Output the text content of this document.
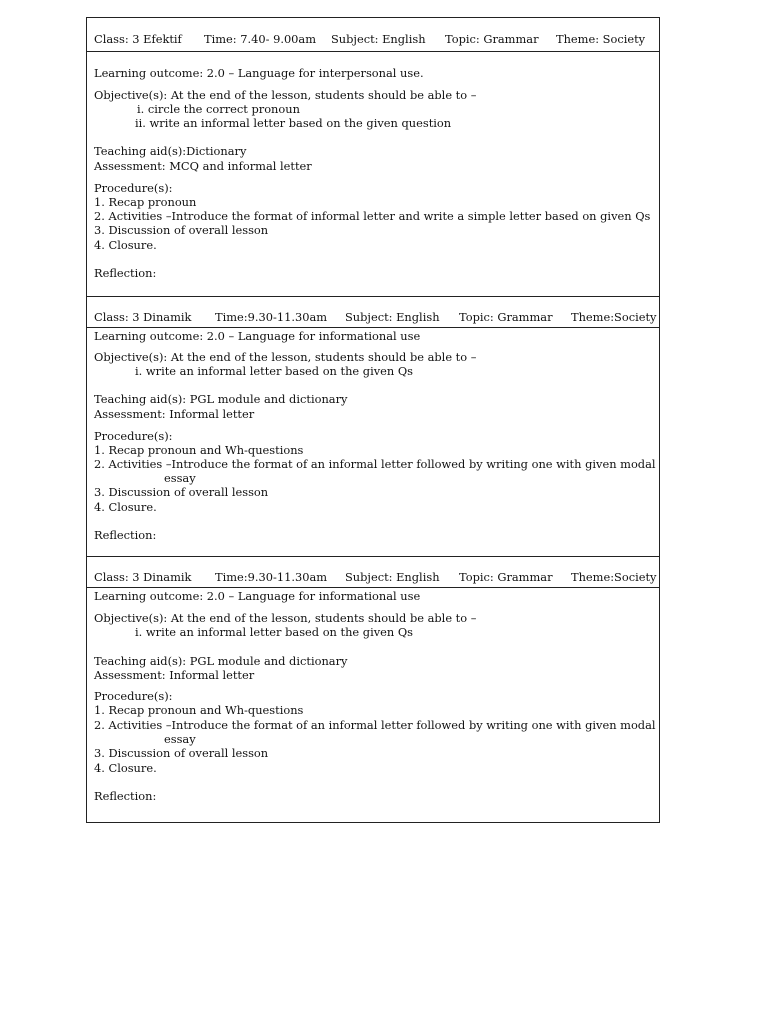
Class: 3 Efektif Time: 7.40- 9.00am Subject: English Topic: Grammar Theme: Society
Learning outcome: 2.0 – Language for interpersonal use.
Objective(s): At the end of the lesson, students should be able to –
i. circle the correct pronoun
ii. write an informal letter based on the given question
Teaching aid(s):Dictionary
Assessment: MCQ and informal letter
Procedure(s):
1. Recap pronoun
2. Activities –Introduce the format of informal letter and write a simple letter based on given Qs
3. Discussion of overall lesson
4. Closure.
Reflection:
Class: 3 Dinamik Time:9.30-11.30am Subject: English Topic: Grammar Theme:Society
Learning outcome: 2.0 – Language for informational use
Objective(s): At the end of the lesson, students should be able to –
i. write an informal letter based on the given Qs
Teaching aid(s): PGL module and dictionary
Assessment: Informal letter
Procedure(s):
1. Recap pronoun and Wh-questions
2. Activities –Introduce the format of an informal letter followed by writing one with given modal
essay
3. Discussion of overall lesson
4. Closure.
Reflection:
Class: 3 Dinamik Time:9.30-11.30am Subject: English Topic: Grammar Theme:Society
Learning outcome: 2.0 – Language for informational use
Objective(s): At the end of the lesson, students should be able to –
i. write an informal letter based on the given Qs
Teaching aid(s): PGL module and dictionary
Assessment: Informal letter
Procedure(s):
1. Recap pronoun and Wh-questions
2. Activities –Introduce the format of an informal letter followed by writing one with given modal
essay
3. Discussion of overall lesson
4. Closure.
Reflection:
